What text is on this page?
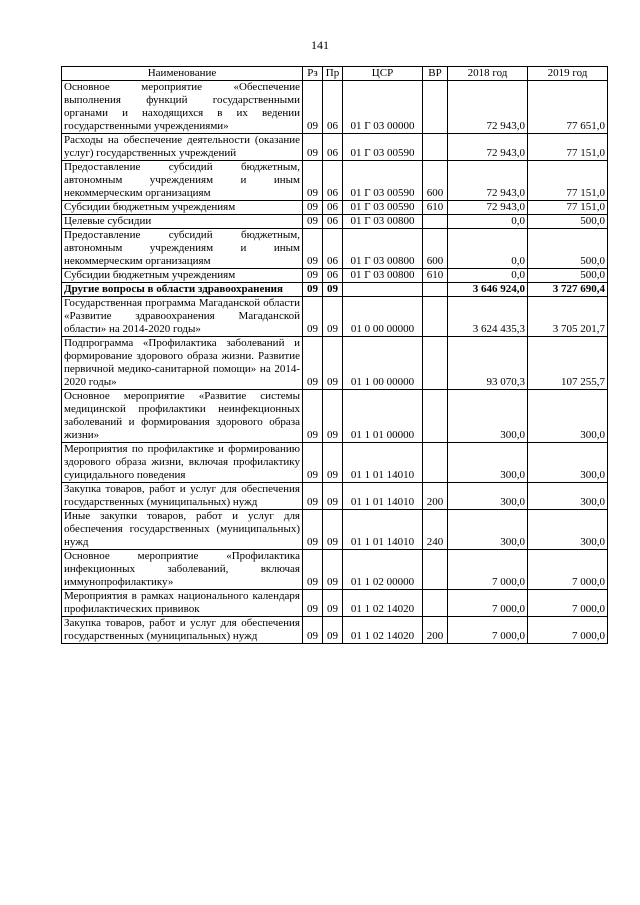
141
Наименование	Рз	Пр	ЦСР	ВР	2018 год	2019 год
Основное мероприятие «Обеспечение выполнения функций государственными органами и находящихся в их ведении государственными учреждениями»	09	06	01 Г 03 00000		72 943,0	77 651,0
Расходы на обеспечение деятельности (оказание услуг) государственных учреждений	09	06	01 Г 03 00590		72 943,0	77 151,0
Предоставление субсидий бюджетным, автономным учреждениям и иным некоммерческим организациям	09	06	01 Г 03 00590	600	72 943,0	77 151,0
Субсидии бюджетным учреждениям	09	06	01 Г 03 00590	610	72 943,0	77 151,0
Целевые субсидии	09	06	01 Г 03 00800		0,0	500,0
Предоставление субсидий бюджетным, автономным учреждениям и иным некоммерческим организациям	09	06	01 Г 03 00800	600	0,0	500,0
Субсидии бюджетным учреждениям	09	06	01 Г 03 00800	610	0,0	500,0
Другие вопросы в области здравоохранения	09	09			3 646 924,0	3 727 690,4
Государственная программа Магаданской области «Развитие здравоохранения Магаданской области» на 2014-2020 годы»	09	09	01 0 00 00000		3 624 435,3	3 705 201,7
Подпрограмма «Профилактика заболеваний и формирование здорового образа жизни. Развитие первичной медико-санитарной помощи» на 2014-2020 годы»	09	09	01 1 00 00000		93 070,3	107 255,7
Основное мероприятие «Развитие системы медицинской профилактики неинфекционных заболеваний и формирования здорового образа жизни»	09	09	01 1 01 00000		300,0	300,0
Мероприятия по профилактике и формированию здорового образа жизни, включая профилактику суицидального поведения	09	09	01 1 01 14010		300,0	300,0
Закупка товаров, работ и услуг для обеспечения государственных (муниципальных) нужд	09	09	01 1 01 14010	200	300,0	300,0
Иные закупки товаров, работ и услуг для обеспечения государственных (муниципальных) нужд	09	09	01 1 01 14010	240	300,0	300,0
Основное мероприятие «Профилактика инфекционных заболеваний, включая иммунопрофилактику»	09	09	01 1 02 00000		7 000,0	7 000,0
Мероприятия в рамках национального календаря профилактических прививок	09	09	01 1 02 14020		7 000,0	7 000,0
Закупка товаров, работ и услуг для обеспечения государственных (муниципальных) нужд	09	09	01 1 02 14020	200	7 000,0	7 000,0
